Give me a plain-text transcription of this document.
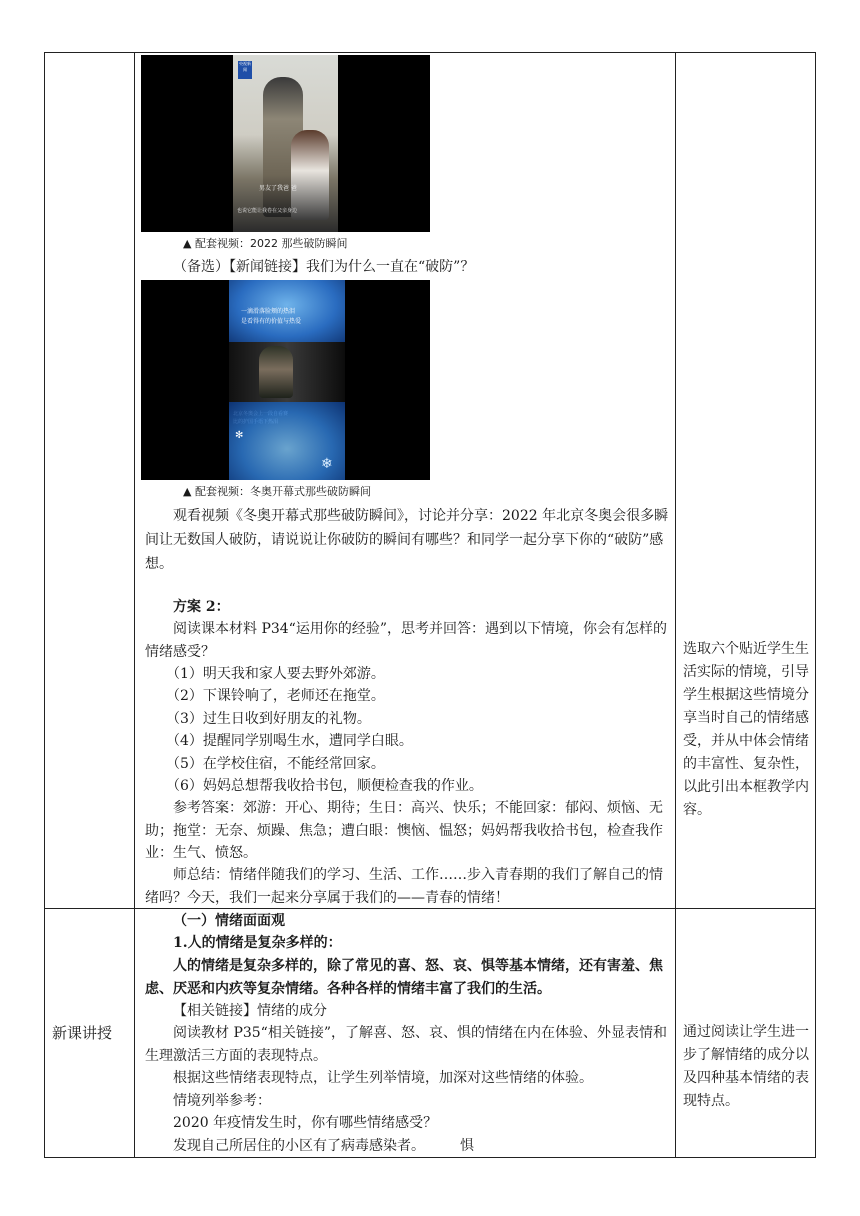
央视新闻
男友了我爸 爸
也说它能让我卷在父亲身边
▲ 配套视频：2022 那些破防瞬间
（备选）【新闻链接】我们为什么一直在“破防”？
一滴滑落脸颊的热泪
是看得有的价值与热爱
✻
❄
▲ 配套视频：冬奥开幕式那些破防瞬间
观看视频《冬奥开幕式那些破防瞬间》，讨论并分享：2022 年北京冬奥会很多瞬间让无数国人破防，请说说让你破防的瞬间有哪些？和同学一起分享下你的“破防”感想。
方案 2：
阅读课本材料 P34“运用你的经验”，思考并回答：遇到以下情境，你会有怎样的情绪感受？
（1）明天我和家人要去野外郊游。
（2）下课铃响了，老师还在拖堂。
（3）过生日收到好朋友的礼物。
（4）提醒同学别喝生水，遭同学白眼。
（5）在学校住宿，不能经常回家。
（6）妈妈总想帮我收拾书包，顺便检查我的作业。
参考答案：郊游：开心、期待；生日：高兴、快乐；不能回家：郁闷、烦恼、无助；拖堂：无奈、烦躁、焦急；遭白眼：懊恼、愠怒；妈妈帮我收拾书包，检查我作业：生气、愤怒。
师总结：情绪伴随我们的学习、生活、工作……步入青春期的我们了解自己的情绪吗？今天，我们一起来分享属于我们的——青春的情绪！
选取六个贴近学生生活实际的情境，引导学生根据这些情境分享当时自己的情绪感受，并从中体会情绪的丰富性、复杂性，以此引出本框教学内容。
新课讲授
（一）情绪面面观
1.人的情绪是复杂多样的：
人的情绪是复杂多样的，除了常见的喜、怒、哀、惧等基本情绪，还有害羞、焦虑、厌恶和内疚等复杂情绪。各种各样的情绪丰富了我们的生活。
【相关链接】情绪的成分
阅读教材 P35“相关链接”，了解喜、怒、哀、惧的情绪在内在体验、外显表情和生理激活三方面的表现特点。
根据这些情绪表现特点，让学生列举情境，加深对这些情绪的体验。
情境列举参考：
2020 年疫情发生时，你有哪些情绪感受？
发现自己所居住的小区有了病毒感染者。	惧
通过阅读让学生进一步了解情绪的成分以及四种基本情绪的表现特点。
